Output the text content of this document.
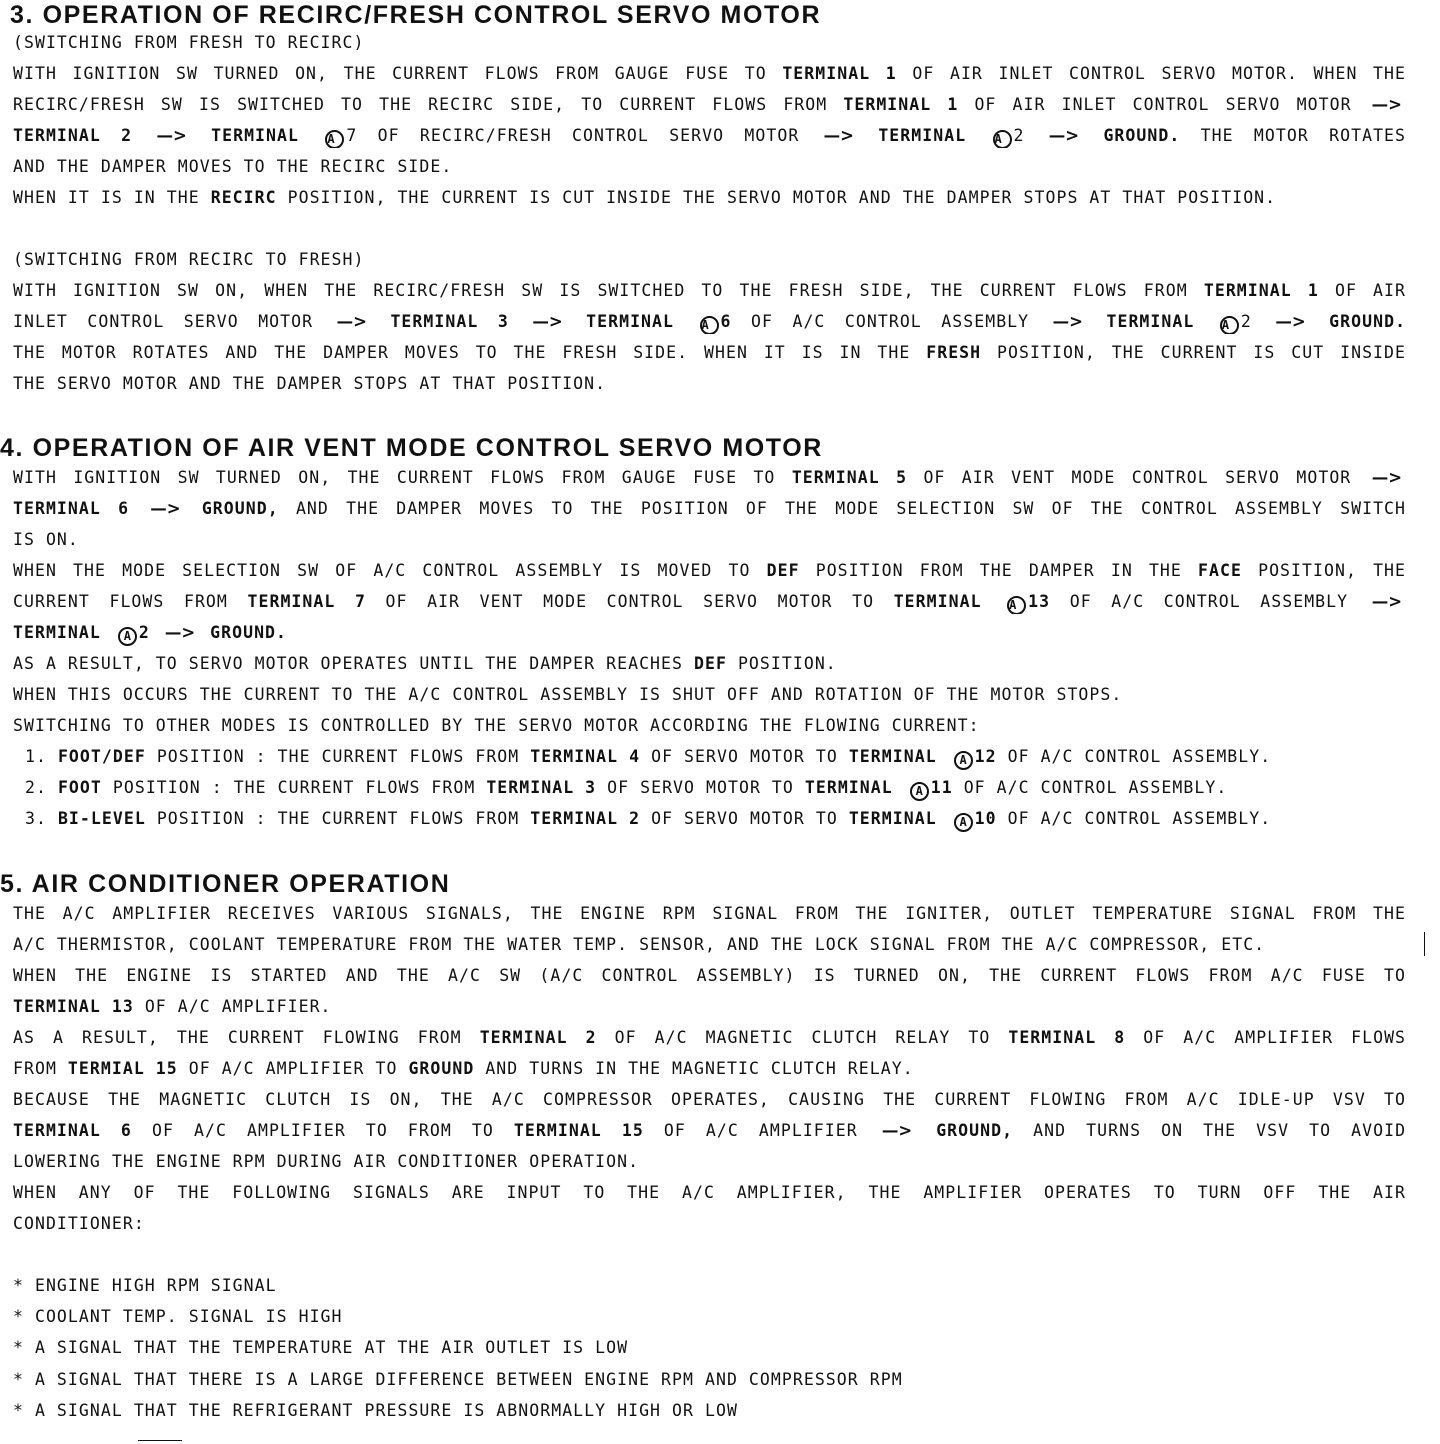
3. OPERATION OF RECIRC/FRESH CONTROL SERVO MOTOR
(SWITCHING FROM FRESH TO RECIRC)
WITH IGNITION SW TURNED ON, THE CURRENT FLOWS FROM GAUGE FUSE TO TERMINAL 1 OF AIR INLET CONTROL SERVO MOTOR. WHEN THE
RECIRC/FRESH SW IS SWITCHED TO THE RECIRC SIDE, TO CURRENT FLOWS FROM TERMINAL 1 OF AIR INLET CONTROL SERVO MOTOR —>
TERMINAL 2 —> TERMINAL A 7 OF RECIRC/FRESH CONTROL SERVO MOTOR —> TERMINAL A 2 —> GROUND. THE MOTOR ROTATES
AND THE DAMPER MOVES TO THE RECIRC SIDE.
WHEN IT IS IN THE RECIRC POSITION, THE CURRENT IS CUT INSIDE THE SERVO MOTOR AND THE DAMPER STOPS AT THAT POSITION.
(SWITCHING FROM RECIRC TO FRESH)
WITH IGNITION SW ON, WHEN THE RECIRC/FRESH SW IS SWITCHED TO THE FRESH SIDE, THE CURRENT FLOWS FROM TERMINAL 1 OF AIR
INLET CONTROL SERVO MOTOR —> TERMINAL 3 —> TERMINAL A 6 OF A/C CONTROL ASSEMBLY —> TERMINAL A 2 —> GROUND.
THE MOTOR ROTATES AND THE DAMPER MOVES TO THE FRESH SIDE. WHEN IT IS IN THE FRESH POSITION, THE CURRENT IS CUT INSIDE
THE SERVO MOTOR AND THE DAMPER STOPS AT THAT POSITION.
4. OPERATION OF AIR VENT MODE CONTROL SERVO MOTOR
WITH IGNITION SW TURNED ON, THE CURRENT FLOWS FROM GAUGE FUSE TO TERMINAL 5 OF AIR VENT MODE CONTROL SERVO MOTOR —>
TERMINAL 6 —> GROUND, AND THE DAMPER MOVES TO THE POSITION OF THE MODE SELECTION SW OF THE CONTROL ASSEMBLY SWITCH
IS ON.
WHEN THE MODE SELECTION SW OF A/C CONTROL ASSEMBLY IS MOVED TO DEF POSITION FROM THE DAMPER IN THE FACE POSITION, THE
CURRENT FLOWS FROM TERMINAL 7 OF AIR VENT MODE CONTROL SERVO MOTOR TO TERMINAL A 13 OF A/C CONTROL ASSEMBLY —>
TERMINAL A 2 —> GROUND.
AS A RESULT, TO SERVO MOTOR OPERATES UNTIL THE DAMPER REACHES DEF POSITION.
WHEN THIS OCCURS THE CURRENT TO THE A/C CONTROL ASSEMBLY IS SHUT OFF AND ROTATION OF THE MOTOR STOPS.
SWITCHING TO OTHER MODES IS CONTROLLED BY THE SERVO MOTOR ACCORDING THE FLOWING CURRENT:
1. FOOT/DEF POSITION : THE CURRENT FLOWS FROM TERMINAL 4 OF SERVO MOTOR TO TERMINAL A 12 OF A/C CONTROL ASSEMBLY.
2. FOOT POSITION : THE CURRENT FLOWS FROM TERMINAL 3 OF SERVO MOTOR TO TERMINAL A 11 OF A/C CONTROL ASSEMBLY.
3. BI-LEVEL POSITION : THE CURRENT FLOWS FROM TERMINAL 2 OF SERVO MOTOR TO TERMINAL A 10 OF A/C CONTROL ASSEMBLY.
5. AIR CONDITIONER OPERATION
THE A/C AMPLIFIER RECEIVES VARIOUS SIGNALS, THE ENGINE RPM SIGNAL FROM THE IGNITER, OUTLET TEMPERATURE SIGNAL FROM THE
A/C THERMISTOR, COOLANT TEMPERATURE FROM THE WATER TEMP. SENSOR, AND THE LOCK SIGNAL FROM THE A/C COMPRESSOR, ETC.
WHEN THE ENGINE IS STARTED AND THE A/C SW (A/C CONTROL ASSEMBLY) IS TURNED ON, THE CURRENT FLOWS FROM A/C FUSE TO
TERMINAL 13 OF A/C AMPLIFIER.
AS A RESULT, THE CURRENT FLOWING FROM TERMINAL 2 OF A/C MAGNETIC CLUTCH RELAY TO TERMINAL 8 OF A/C AMPLIFIER FLOWS
FROM TERMIAL 15 OF A/C AMPLIFIER TO GROUND AND TURNS IN THE MAGNETIC CLUTCH RELAY.
BECAUSE THE MAGNETIC CLUTCH IS ON, THE A/C COMPRESSOR OPERATES, CAUSING THE CURRENT FLOWING FROM A/C IDLE-UP VSV TO
TERMINAL 6 OF A/C AMPLIFIER TO FROM TO TERMINAL 15 OF A/C AMPLIFIER —> GROUND, AND TURNS ON THE VSV TO AVOID
LOWERING THE ENGINE RPM DURING AIR CONDITIONER OPERATION.
WHEN ANY OF THE FOLLOWING SIGNALS ARE INPUT TO THE A/C AMPLIFIER, THE AMPLIFIER OPERATES TO TURN OFF THE AIR
CONDITIONER:
* ENGINE HIGH RPM SIGNAL
* COOLANT TEMP. SIGNAL IS HIGH
* A SIGNAL THAT THE TEMPERATURE AT THE AIR OUTLET IS LOW
* A SIGNAL THAT THERE IS A LARGE DIFFERENCE BETWEEN ENGINE RPM AND COMPRESSOR RPM
* A SIGNAL THAT THE REFRIGERANT PRESSURE IS ABNORMALLY HIGH OR LOW
